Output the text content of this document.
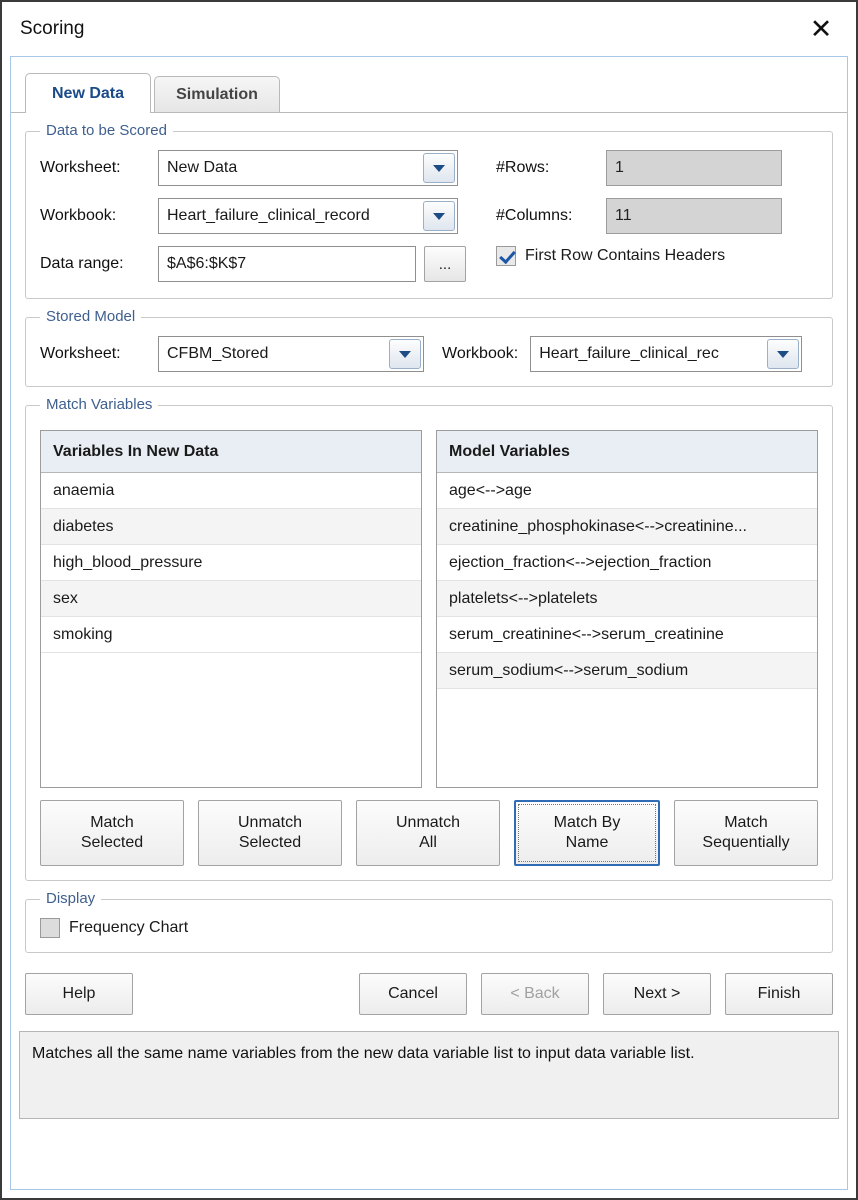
Scoring	✕
New Data	Simulation
Data to be Scored
Worksheet:	New Data
Workbook:	Heart_failure_clinical_record
Data range:	$A$6:$K$7	...
#Rows:	1
#Columns:	11
First Row Contains Headers
Stored Model
Worksheet:	CFBM_Stored	Workbook: Heart_failure_clinical_rec
Match Variables
Variables In New Data
anaemia
diabetes
high_blood_pressure
sex
smoking
Model Variables
age<-->age
creatinine_phosphokinase<-->creatinine...
ejection_fraction<-->ejection_fraction
platelets<-->platelets
serum_creatinine<-->serum_creatinine
serum_sodium<-->serum_sodium
Match
Selected
Unmatch
Selected
Unmatch
All
Match By
Name
Match
Sequentially
Display
Frequency Chart
Help	Cancel	< Back	Next >	Finish
Matches all the same name variables from the new data variable list to input data variable list.
